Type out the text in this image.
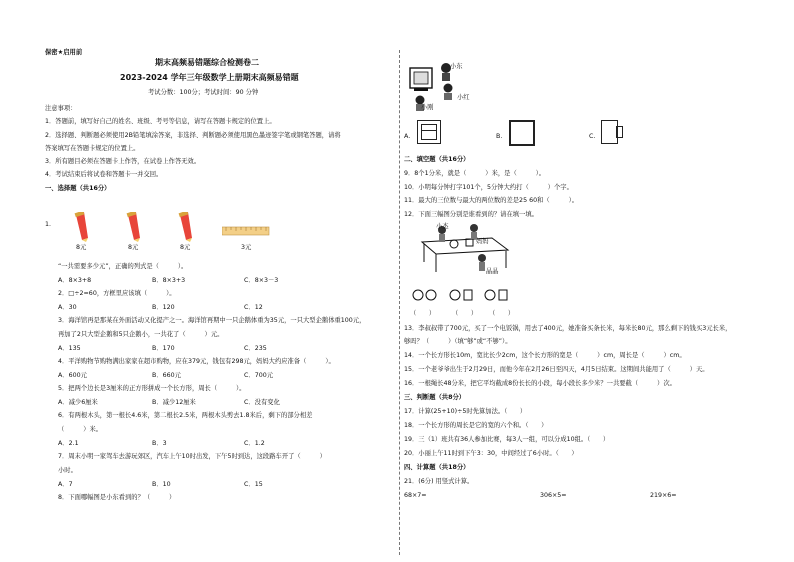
保密★启用前
期末高频易错题综合检测卷二
2023-2024 学年三年级数学上册期末高频易错题
考试分数：100分；考试时间：90 分钟
注意事项：
1．答题前，填写好自己的姓名、班级、考号等信息，请写在答题卡规定的位置上。
2．选择题、判断题必须使用2B铅笔填涂答案，非选择、判断题必须使用黑色墨迹签字笔或钢笔答题，请将
答案填写在答题卡规定的位置上。
3．所有题目必须在答题卡上作答，在试卷上作答无效。
4．考试结束后将试卷和答题卡一并交回。
一、选择题（共16分）
1.
8元	8元	8元	3元
“一共需要多少元”，正确的列式是（　　　）。
A．8×3+8	B．8×3+3	C．8×3－3
2．□÷2=60，方框里应该填（　　　）。
A．30	B．120	C．12
3．海洋馆再是那某在外面活动又化提产之一。海洋馆再期中一只企鹅体重为35元，一只大型企鹅体重100元，
再加了2只大型企鹅和5只企鹅小，一共花了（　　　）元。
A．135	B．170	C．235
4．平洋购物节购物满出家家在超市购物，应在379元，钱包有298元，妈妈大约应准备（　　　）。
A．600元	B．660元	C．700元
5．把两个边长是3厘米的正方形拼成一个长方形，周长（　　　）。
A．减少6厘米	B．减少12厘米	C．没有变化
6．有两根木头，第一根长4.6米，第二根长2.5米，两根木头剪去1.8米后，剩下的部分相差
（　　　）米。
A．2.1	B．3	C．1.2
7．周末小明一家驾车去游玩郊区，汽车上午10时出发，下午5时到达，这段路车开了（　　　）
小时。
A．7	B．10	C．15
8．下面哪幅图是小东看到的？（　　　）
小东
小红
小刚
A.	B.	C.
二、填空题（共16分）
9．8个1分米，就是（　　　）米，是（　　　）。
10．小明每分钟打字101个，5分钟大约打（　　　）个字。
11．最大的三位数与最大的两位数的差是25 60和（　　　）。
12．下面三幅图分别是谁看到的？请在填一填。
小杰
妈妈
晶晶
（　　）	（　　） （　　）
13．李叔叔带了700元，买了一个电饭锅，用去了400元，她准备买条长米，每米长80元，那么剩下的钱买3元长米，
够吗？（　　　）（填“够”或“不够”）。
14．一个长方形长10m，宽比长少2cm，这个长方形的宽是（　　　）cm，周长是（　　　）cm。
15．一个老爷爷出生于2月29日，而他今年在2月26日至四天，4月5日结束。这期间共能用了（　　　）天。
16．一根绳长48分米，把它平均截成8份长长的小段，每小段长多少米？一共要截（　　　）次。
三、判断题（共8分）
17．计算(25+10)÷5时先算加法。（　　）
18．一个长方形的周长是它的宽的六个和。（　　）
19．三（1）班共有36人参加比赛，每3人一组，可以分成10组。（　　）
20．小丽上午11时到下午3：30，中间经过了6小时。（　　）
四、计算题（共18分）
21．(6分) 用竖式计算。
68×7=	306×5=	219×6=
